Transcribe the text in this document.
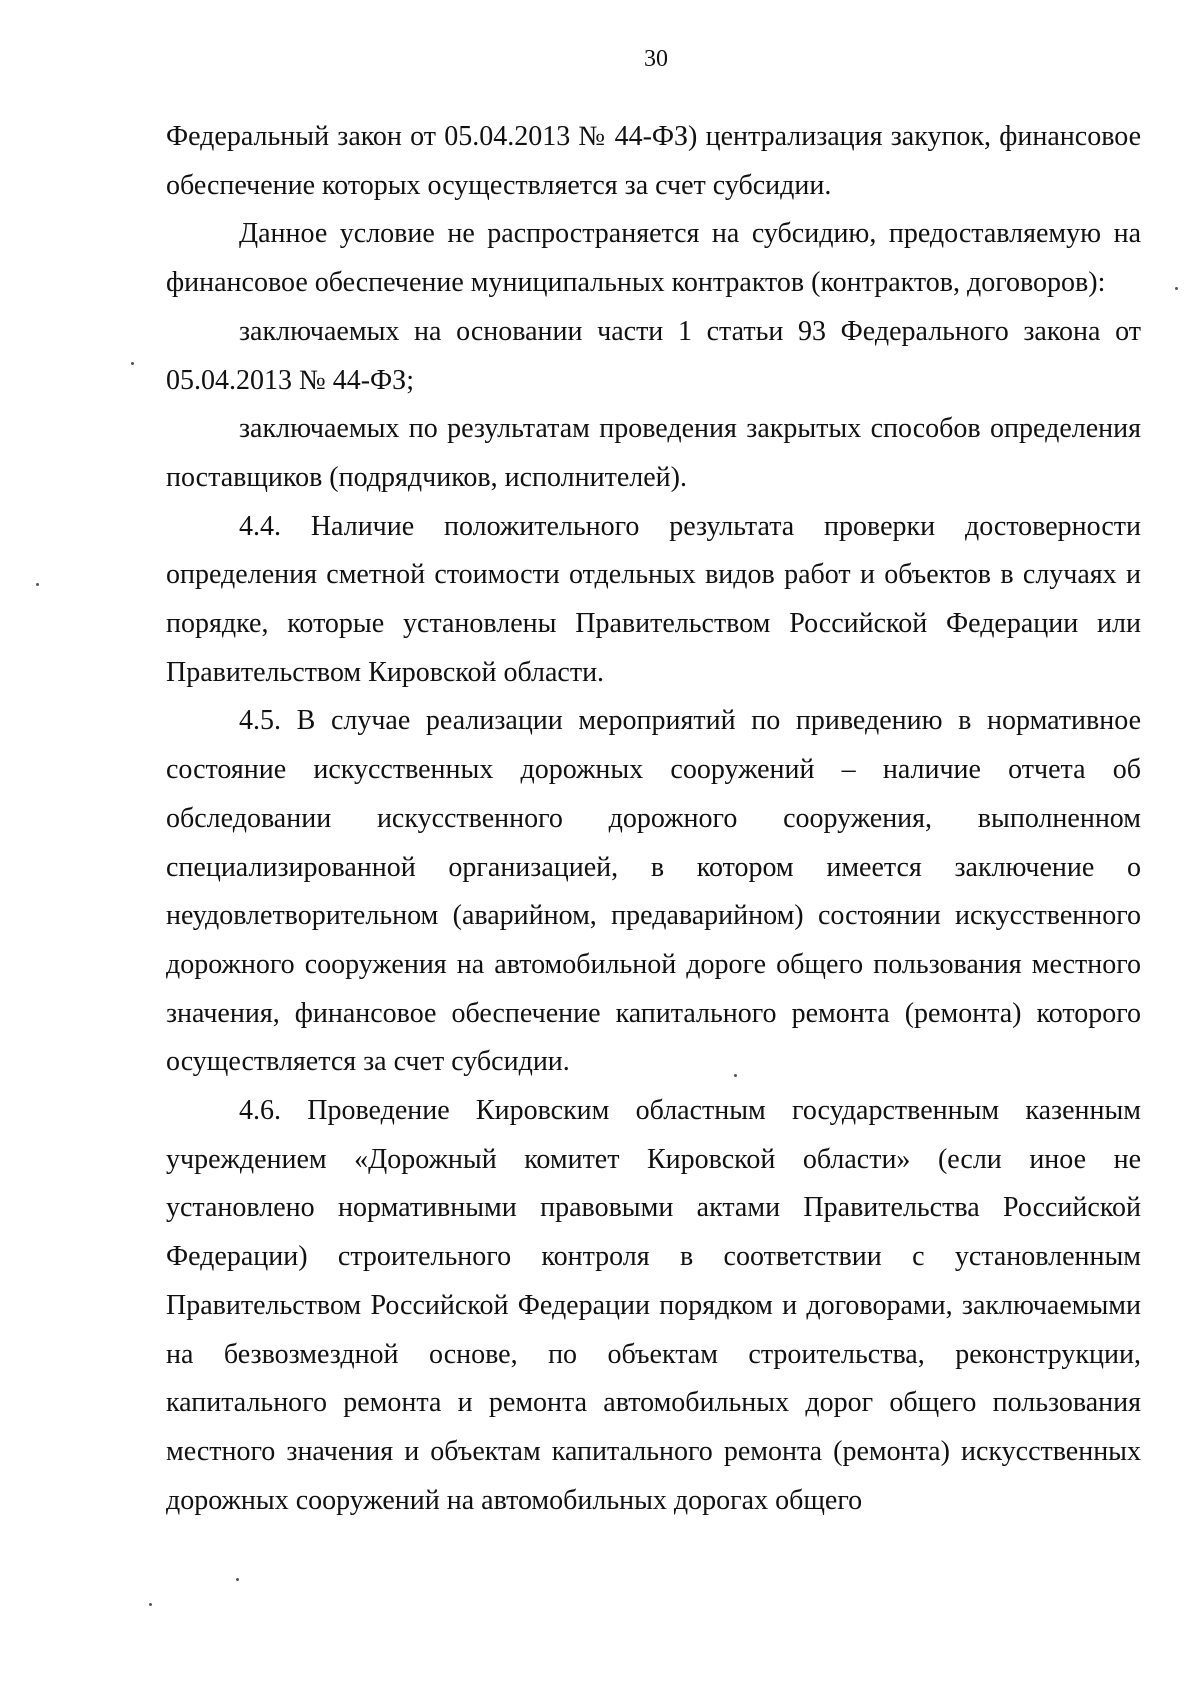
30

Федеральный закон от 05.04.2013 № 44-ФЗ) централизация закупок, финансовое обеспечение которых осуществляется за счет субсидии.

Данное условие не распространяется на субсидию, предоставляемую на финансовое обеспечение муниципальных контрактов (контрактов, договоров):

заключаемых на основании части 1 статьи 93 Федерального закона от 05.04.2013 № 44-ФЗ;

заключаемых по результатам проведения закрытых способов определения поставщиков (подрядчиков, исполнителей).

4.4. Наличие положительного результата проверки достоверности определения сметной стоимости отдельных видов работ и объектов в случаях и порядке, которые установлены Правительством Российской Федерации или Правительством Кировской области.

4.5. В случае реализации мероприятий по приведению в нормативное состояние искусственных дорожных сооружений – наличие отчета об обследовании искусственного дорожного сооружения, выполненном специализированной организацией, в котором имеется заключение о неудовлетворительном (аварийном, предаварийном) состоянии искусственного дорожного сооружения на автомобильной дороге общего пользования местного значения, финансовое обеспечение капитального ремонта (ремонта) которого осуществляется за счет субсидии.

4.6. Проведение Кировским областным государственным казенным учреждением «Дорожный комитет Кировской области» (если иное не установлено нормативными правовыми актами Правительства Российской Федерации) строительного контроля в соответствии с установленным Правительством Российской Федерации порядком и договорами, заключаемыми на безвозмездной основе, по объектам строительства, реконструкции, капитального ремонта и ремонта автомобильных дорог общего пользования местного значения и объектам капитального ремонта (ремонта) искусственных дорожных сооружений на автомобильных дорогах общего
